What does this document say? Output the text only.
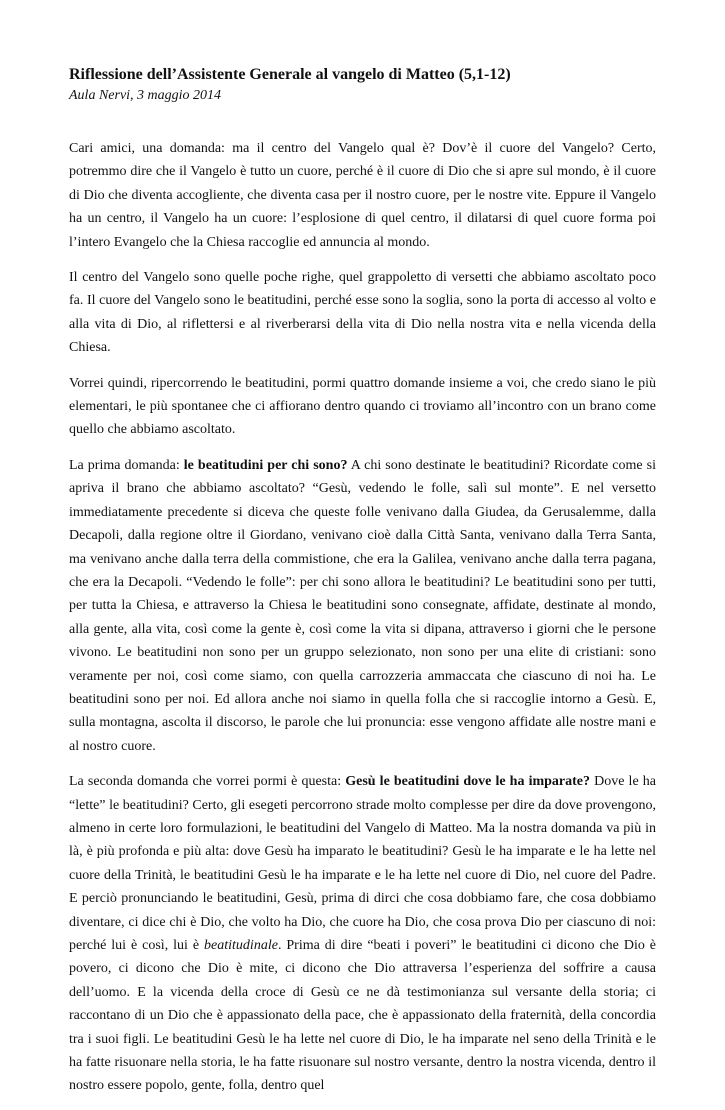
Riflessione dell’Assistente Generale al vangelo di Matteo (5,1-12)

Aula Nervi, 3 maggio 2014

Cari amici, una domanda: ma il centro del Vangelo qual è? Dov’è il cuore del Vangelo? Certo, potremmo dire che il Vangelo è tutto un cuore, perché è il cuore di Dio che si apre sul mondo, è il cuore di Dio che diventa accogliente, che diventa casa per il nostro cuore, per le nostre vite. Eppure il Vangelo ha un centro, il Vangelo ha un cuore: l’esplosione di quel centro, il dilatarsi di quel cuore forma poi l’intero Evangelo che la Chiesa raccoglie ed annuncia al mondo.

Il centro del Vangelo sono quelle poche righe, quel grappoletto di versetti che abbiamo ascoltato poco fa. Il cuore del Vangelo sono le beatitudini, perché esse sono la soglia, sono la porta di accesso al volto e alla vita di Dio, al riflettersi e al riverberarsi della vita di Dio nella nostra vita e nella vicenda della Chiesa.

Vorrei quindi, ripercorrendo le beatitudini, pormi quattro domande insieme a voi, che credo siano le più elementari, le più spontanee che ci affiorano dentro quando ci troviamo all’incontro con un brano come quello che abbiamo ascoltato.

La prima domanda: le beatitudini per chi sono? A chi sono destinate le beatitudini? Ricordate come si apriva il brano che abbiamo ascoltato? “Gesù, vedendo le folle, salì sul monte”. E nel versetto immediatamente precedente si diceva che queste folle venivano dalla Giudea, da Gerusalemme, dalla Decapoli, dalla regione oltre il Giordano, venivano cioè dalla Città Santa, venivano dalla Terra Santa, ma venivano anche dalla terra della commistione, che era la Galilea, venivano anche dalla terra pagana, che era la Decapoli. “Vedendo le folle”: per chi sono allora le beatitudini? Le beatitudini sono per tutti, per tutta la Chiesa, e attraverso la Chiesa le beatitudini sono consegnate, affidate, destinate al mondo, alla gente, alla vita, così come la gente è, così come la vita si dipana, attraverso i giorni che le persone vivono. Le beatitudini non sono per un gruppo selezionato, non sono per una elite di cristiani: sono veramente per noi, così come siamo, con quella carrozzeria ammaccata che ciascuno di noi ha. Le beatitudini sono per noi. Ed allora anche noi siamo in quella folla che si raccoglie intorno a Gesù. E, sulla montagna, ascolta il discorso, le parole che lui pronuncia: esse vengono affidate alle nostre mani e al nostro cuore.

La seconda domanda che vorrei pormi è questa: Gesù le beatitudini dove le ha imparate? Dove le ha “lette” le beatitudini? Certo, gli esegeti percorrono strade molto complesse per dire da dove provengono, almeno in certe loro formulazioni, le beatitudini del Vangelo di Matteo. Ma la nostra domanda va più in là, è più profonda e più alta: dove Gesù ha imparato le beatitudini? Gesù le ha imparate e le ha lette nel cuore della Trinità, le beatitudini Gesù le ha imparate e le ha lette nel cuore di Dio, nel cuore del Padre. E perciò pronunciando le beatitudini, Gesù, prima di dirci che cosa dobbiamo fare, che cosa dobbiamo diventare, ci dice chi è Dio, che volto ha Dio, che cuore ha Dio, che cosa prova Dio per ciascuno di noi: perché lui è così, lui è beatitudinale. Prima di dire “beati i poveri” le beatitudini ci dicono che Dio è povero, ci dicono che Dio è mite, ci dicono che Dio attraversa l’esperienza del soffrire a causa dell’uomo. E la vicenda della croce di Gesù ce ne dà testimonianza sul versante della storia; ci raccontano di un Dio che è appassionato della pace, che è appassionato della fraternità, della concordia tra i suoi figli. Le beatitudini Gesù le ha lette nel cuore di Dio, le ha imparate nel seno della Trinità e le ha fatte risuonare nella storia, le ha fatte risuonare sul nostro versante, dentro la nostra vicenda, dentro il nostro essere popolo, gente, folla, dentro quel
